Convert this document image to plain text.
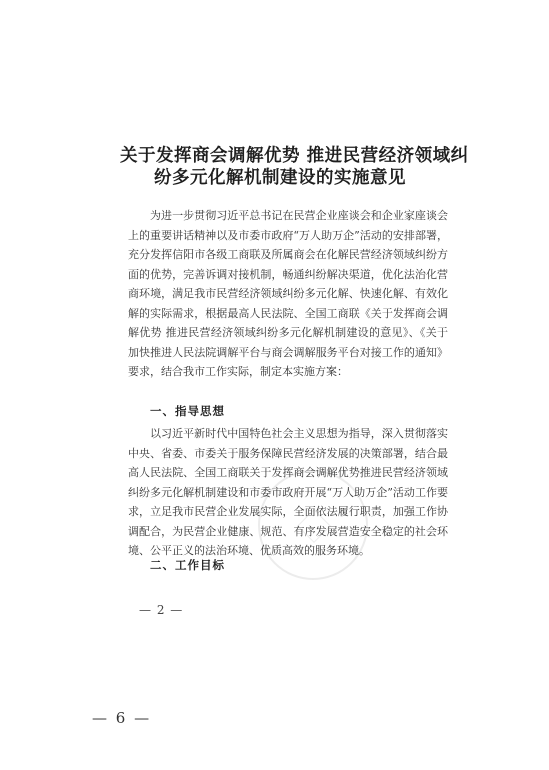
关于发挥商会调解优势 推进民营经济领域纠
纷多元化解机制建设的实施意见
为进一步贯彻习近平总书记在民营企业座谈会和企业家座谈会上的重要讲话精神以及市委市政府“万人助万企”活动的安排部署，充分发挥信阳市各级工商联及所属商会在化解民营经济领域纠纷方面的优势，完善诉调对接机制，畅通纠纷解决渠道，优化法治化营商环境，满足我市民营经济领域纠纷多元化解、快速化解、有效化解的实际需求，根据最高人民法院、全国工商联《关于发挥商会调解优势 推进民营经济领域纠纷多元化解机制建设的意见》、《关于加快推进人民法院调解平台与商会调解服务平台对接工作的通知》要求，结合我市工作实际，制定本实施方案：
一、指导思想
以习近平新时代中国特色社会主义思想为指导，深入贯彻落实中央、省委、市委关于服务保障民营经济发展的决策部署，结合最高人民法院、全国工商联关于发挥商会调解优势推进民营经济领域纠纷多元化解机制建设和市委市政府开展“万人助万企”活动工作要求，立足我市民营企业发展实际，全面依法履行职责，加强工作协调配合，为民营企业健康、规范、有序发展营造安全稳定的社会环境、公平正义的法治环境、优质高效的服务环境。
二、工作目标
— 2 —
— 6 —
